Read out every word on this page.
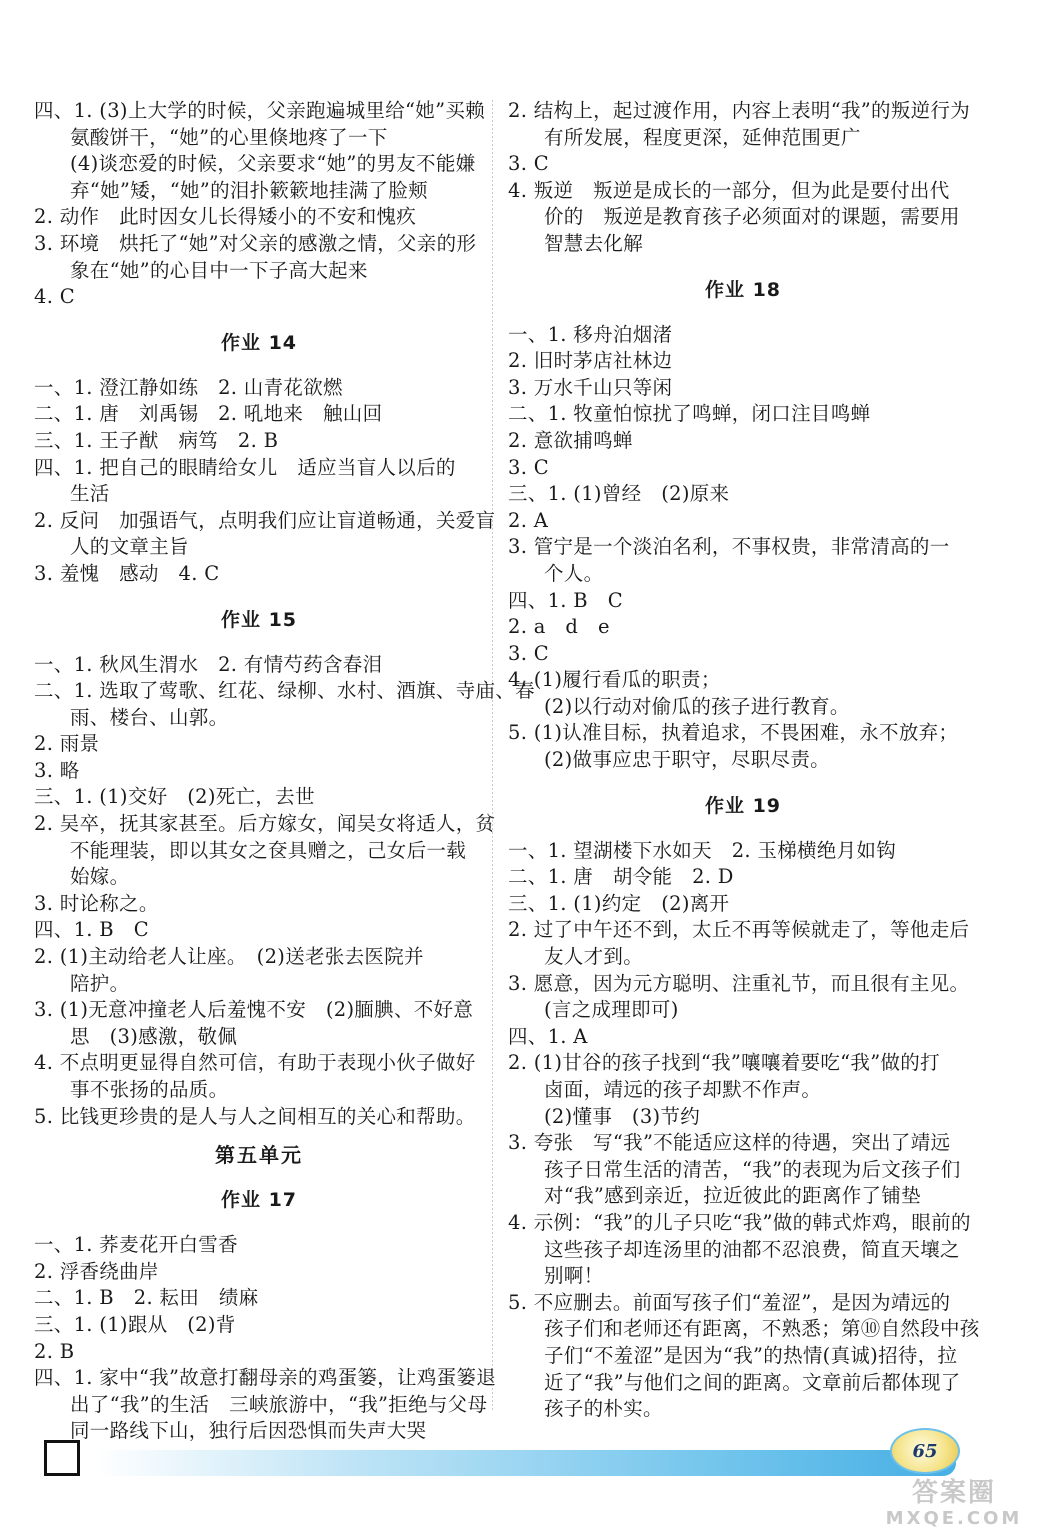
四、1. (3)上大学的时候，父亲跑遍城里给“她”买赖
氨酸饼干，“她”的心里倏地疼了一下
(4)谈恋爱的时候，父亲要求“她”的男友不能嫌
弃“她”矮，“她”的泪扑簌簌地挂满了脸颊
2. 动作　此时因女儿长得矮小的不安和愧疚
3. 环境　烘托了“她”对父亲的感激之情，父亲的形
象在“她”的心目中一下子高大起来
4. C
作业 14
一、1. 澄江静如练　2. 山青花欲燃
二、1. 唐　刘禹锡　2. 吼地来　触山回
三、1. 王子猷　病笃　2. B
四、1. 把自己的眼睛给女儿　适应当盲人以后的
生活
2. 反问　加强语气，点明我们应让盲道畅通，关爱盲
人的文章主旨
3. 羞愧　感动　4. C
作业 15
一、1. 秋风生渭水　2. 有情芍药含春泪
二、1. 选取了莺歌、红花、绿柳、水村、酒旗、寺庙、春
雨、楼台、山郭。
2. 雨景
3. 略
三、1. (1)交好　(2)死亡，去世
2. 吴卒，抚其家甚至。后方嫁女，闻吴女将适人，贫
不能理装，即以其女之奁具赠之，己女后一载
始嫁。
3. 时论称之。
四、1. B　C
2. (1)主动给老人让座。　(2)送老张去医院并
陪护。
3. (1)无意冲撞老人后羞愧不安　(2)腼腆、不好意
思　(3)感激，敬佩
4. 不点明更显得自然可信，有助于表现小伙子做好
事不张扬的品质。
5. 比钱更珍贵的是人与人之间相互的关心和帮助。
第五单元
作业 17
一、1. 荞麦花开白雪香
2. 浮香绕曲岸
二、1. B　2. 耘田　绩麻
三、1. (1)跟从　(2)背
2. B
四、1. 家中“我”故意打翻母亲的鸡蛋篓，让鸡蛋篓退
出了“我”的生活　三峡旅游中，“我”拒绝与父母
同一路线下山，独行后因恐惧而失声大哭
2. 结构上，起过渡作用，内容上表明“我”的叛逆行为
有所发展，程度更深，延伸范围更广
3. C
4. 叛逆　叛逆是成长的一部分，但为此是要付出代
价的　叛逆是教育孩子必须面对的课题，需要用
智慧去化解
作业 18
一、1. 移舟泊烟渚
2. 旧时茅店社林边
3. 万水千山只等闲
二、1. 牧童怕惊扰了鸣蝉，闭口注目鸣蝉
2. 意欲捕鸣蝉
3. C
三、1. (1)曾经　(2)原来
2. A
3. 管宁是一个淡泊名利，不事权贵，非常清高的一
个人。
四、1. B　C
2. a　d　e
3. C
4. (1)履行看瓜的职责；
(2)以行动对偷瓜的孩子进行教育。
5. (1)认准目标，执着追求，不畏困难，永不放弃；
(2)做事应忠于职守，尽职尽责。
作业 19
一、1. 望湖楼下水如天　2. 玉梯横绝月如钩
二、1. 唐　胡令能　2. D
三、1. (1)约定　(2)离开
2. 过了中午还不到，太丘不再等候就走了，等他走后
友人才到。
3. 愿意，因为元方聪明、注重礼节，而且很有主见。
(言之成理即可)
四、1. A
2. (1)甘谷的孩子找到“我”嚷嚷着要吃“我”做的打
卤面，靖远的孩子却默不作声。
(2)懂事　(3)节约
3. 夸张　写“我”不能适应这样的待遇，突出了靖远
孩子日常生活的清苦，“我”的表现为后文孩子们
对“我”感到亲近，拉近彼此的距离作了铺垫
4. 示例：“我”的儿子只吃“我”做的韩式炸鸡，眼前的
这些孩子却连汤里的油都不忍浪费，简直天壤之
别啊！
5. 不应删去。前面写孩子们“羞涩”，是因为靖远的
孩子们和老师还有距离，不熟悉；第⑩自然段中孩
子们“不羞涩”是因为“我”的热情(真诚)招待，拉
近了“我”与他们之间的距离。文章前后都体现了
孩子的朴实。
65
答案圈
MXQE.COM
